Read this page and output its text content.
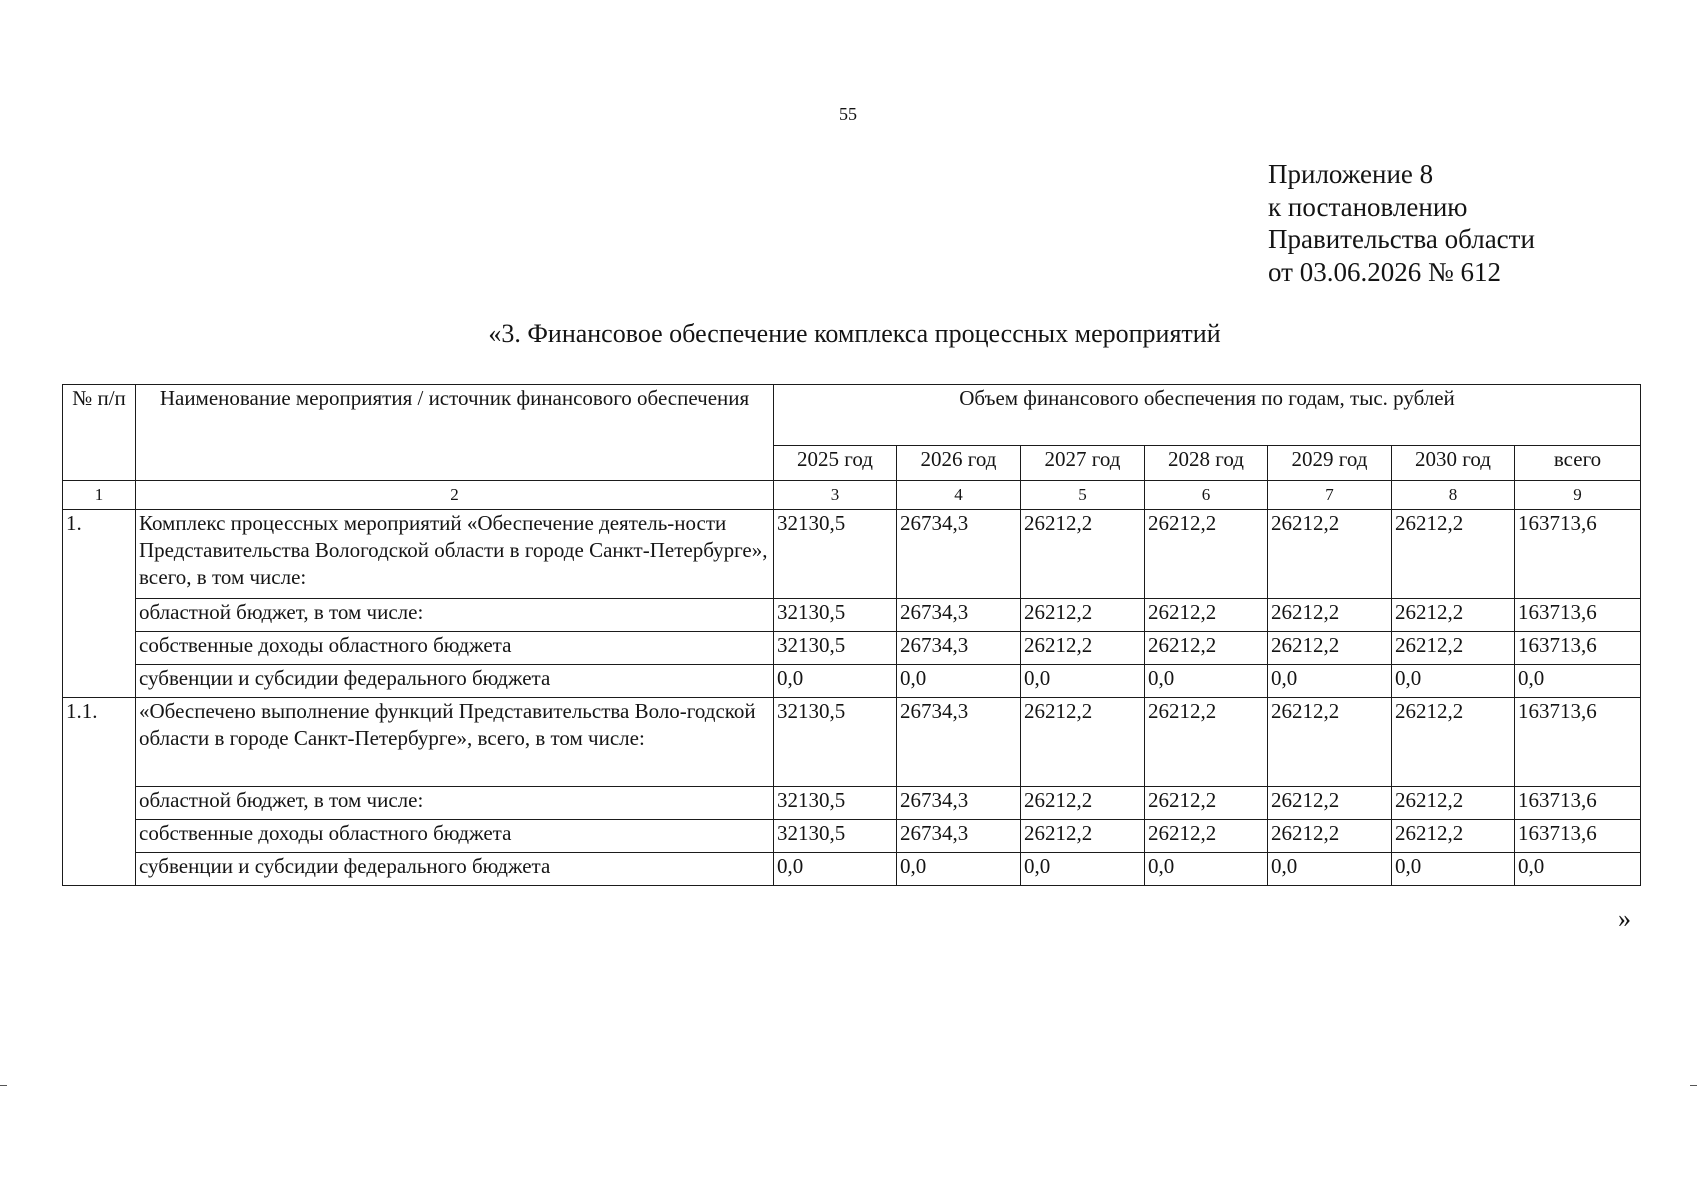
55
Приложение 8
к постановлению
Правительства области
от 03.06.2026 № 612
«3. Финансовое обеспечение комплекса процессных мероприятий
№ п/п	Наименование мероприятия / источник финансового обеспечения	Объем финансового обеспечения по годам, тыс. рублей						
		2025 год	2026 год	2027 год	2028 год	2029 год	2030 год	всего
1	2	3	4	5	6	7	8	9
1.	Комплекс процессных мероприятий «Обеспечение деятель-ности Представительства Вологодской области в городе Санкт-Петербурге», всего, в том числе:	32130,5	26734,3	26212,2	26212,2	26212,2	26212,2	163713,6
	областной бюджет, в том числе:	32130,5	26734,3	26212,2	26212,2	26212,2	26212,2	163713,6
	собственные доходы областного бюджета	32130,5	26734,3	26212,2	26212,2	26212,2	26212,2	163713,6
	субвенции и субсидии федерального бюджета	0,0	0,0	0,0	0,0	0,0	0,0	0,0
1.1.	«Обеспечено выполнение функций Представительства Воло-годской области в городе Санкт-Петербурге», всего, в том числе:	32130,5	26734,3	26212,2	26212,2	26212,2	26212,2	163713,6
	областной бюджет, в том числе:	32130,5	26734,3	26212,2	26212,2	26212,2	26212,2	163713,6
	собственные доходы областного бюджета	32130,5	26734,3	26212,2	26212,2	26212,2	26212,2	163713,6
	субвенции и субсидии федерального бюджета	0,0	0,0	0,0	0,0	0,0	0,0	0,0
»
